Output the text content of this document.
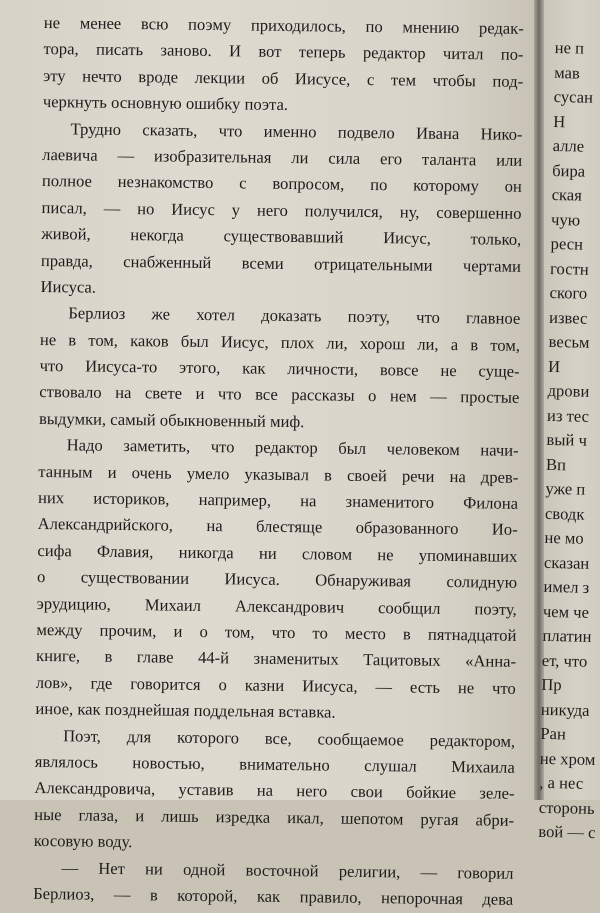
не менее всю поэму приходилось, по мнению редак-
тора, писать заново. И вот теперь редактор читал по-
эту нечто вроде лекции об Иисусе, с тем чтобы под-
черкнуть основную ошибку поэта.
Трудно сказать, что именно подвело Ивана Нико-
лаевича — изобразительная ли сила его таланта или
полное незнакомство с вопросом, по которому он
писал, — но Иисус у него получился, ну, совершенно
живой, некогда существовавший Иисус, только,
правда, снабженный всеми отрицательными чертами
Иисуса.
Берлиоз же хотел доказать поэту, что главное
не в том, каков был Иисус, плох ли, хорош ли, а в том,
что Иисуса-то этого, как личности, вовсе не суще-
ствовало на свете и что все рассказы о нем — простые
выдумки, самый обыкновенный миф.
Надо заметить, что редактор был человеком начи-
танным и очень умело указывал в своей речи на древ-
них историков, например, на знаменитого Филона
Александрийского, на блестяще образованного Ио-
сифа Флавия, никогда ни словом не упоминавших
о существовании Иисуса. Обнаруживая солидную
эрудицию, Михаил Александрович сообщил поэту,
между прочим, и о том, что то место в пятнадцатой
книге, в главе 44-й знаменитых Тацитовых «Анна-
лов», где говорится о казни Иисуса, — есть не что
иное, как позднейшая поддельная вставка.
Поэт, для которого все, сообщаемое редактором,
являлось новостью, внимательно слушал Михаила
Александровича, уставив на него свои бойкие зеле-
ные глаза, и лишь изредка икал, шепотом ругая абри-
косовую воду.
— Нет ни одной восточной религии, — говорил
Берлиоз, — в которой, как правило, непорочная дева
не п
мав
сусан
Н
алле
бира
ская
чую
ресн
гостн
ского
извес
весьм
И
дрови
из тес
вый ч
Вп
уже п
сводк
не мо
сказан
имел з
чем че
платин
ет, что
Пр
никуда
Ран
не хром
, а нес
сторонь
вой — с
